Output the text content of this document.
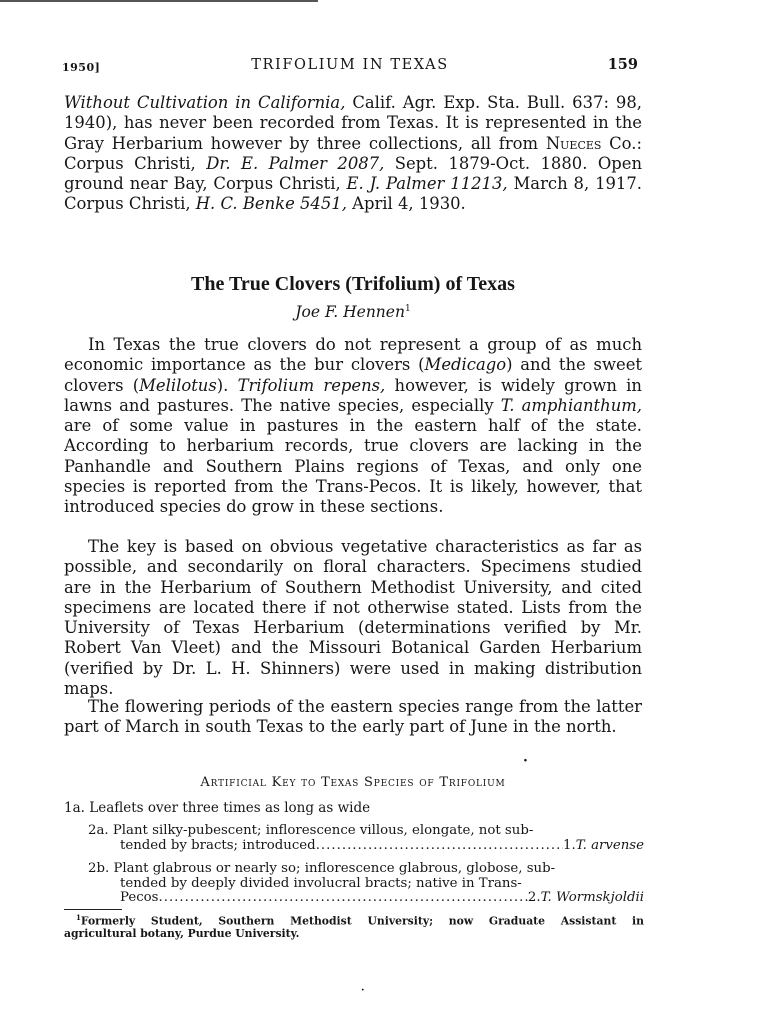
1950]	TRIFOLIUM IN TEXAS	159

Without Cultivation in California, Calif. Agr. Exp. Sta. Bull. 637: 98, 1940), has never been recorded from Texas. It is represented in the Gray Herbarium however by three collections, all from Nueces Co.: Corpus Christi, Dr. E. Palmer 2087, Sept. 1879-Oct. 1880. Open ground near Bay, Corpus Christi, E. J. Palmer 11213, March 8, 1917. Corpus Christi, H. C. Benke 5451, April 4, 1930.

The True Clovers (Trifolium) of Texas
Joe F. Hennen$^1$

In Texas the true clovers do not represent a group of as much economic importance as the bur clovers (Medicago) and the sweet clovers (Melilotus). Trifolium repens, however, is widely grown in lawns and pastures. The native species, especially T. amphianthum, are of some value in pastures in the eastern half of the state. According to herbarium records, true clovers are lacking in the Panhandle and Southern Plains regions of Texas, and only one species is reported from the Trans-Pecos. It is likely, however, that introduced species do grow in these sections.

The key is based on obvious vegetative characteristics as far as possible, and secondarily on floral characters. Specimens studied are in the Herbarium of Southern Methodist University, and cited specimens are located there if not otherwise stated. Lists from the University of Texas Herbarium (determinations verified by Mr. Robert Van Vleet) and the Missouri Botanical Garden Herbarium (verified by Dr. L. H. Shinners) were used in making distribution maps.

The flowering periods of the eastern species range from the latter part of March in south Texas to the early part of June in the north.

·
Artificial Key to Texas Species of Trifolium
1a. Leaflets over three times as long as wide
2a. Plant silky-pubescent; inflorescence villous, elongate, not sub-
tended by bracts; introduced .....	1. T. arvense
2b. Plant glabrous or nearly so; inflorescence glabrous, globose, sub-
tended by deeply divided involucral bracts; native in Trans-
Pecos .....	2. T. Wormskjoldii
$^1$Formerly Student, Southern Methodist University; now Graduate Assistant in
agricultural botany, Purdue University.
·
